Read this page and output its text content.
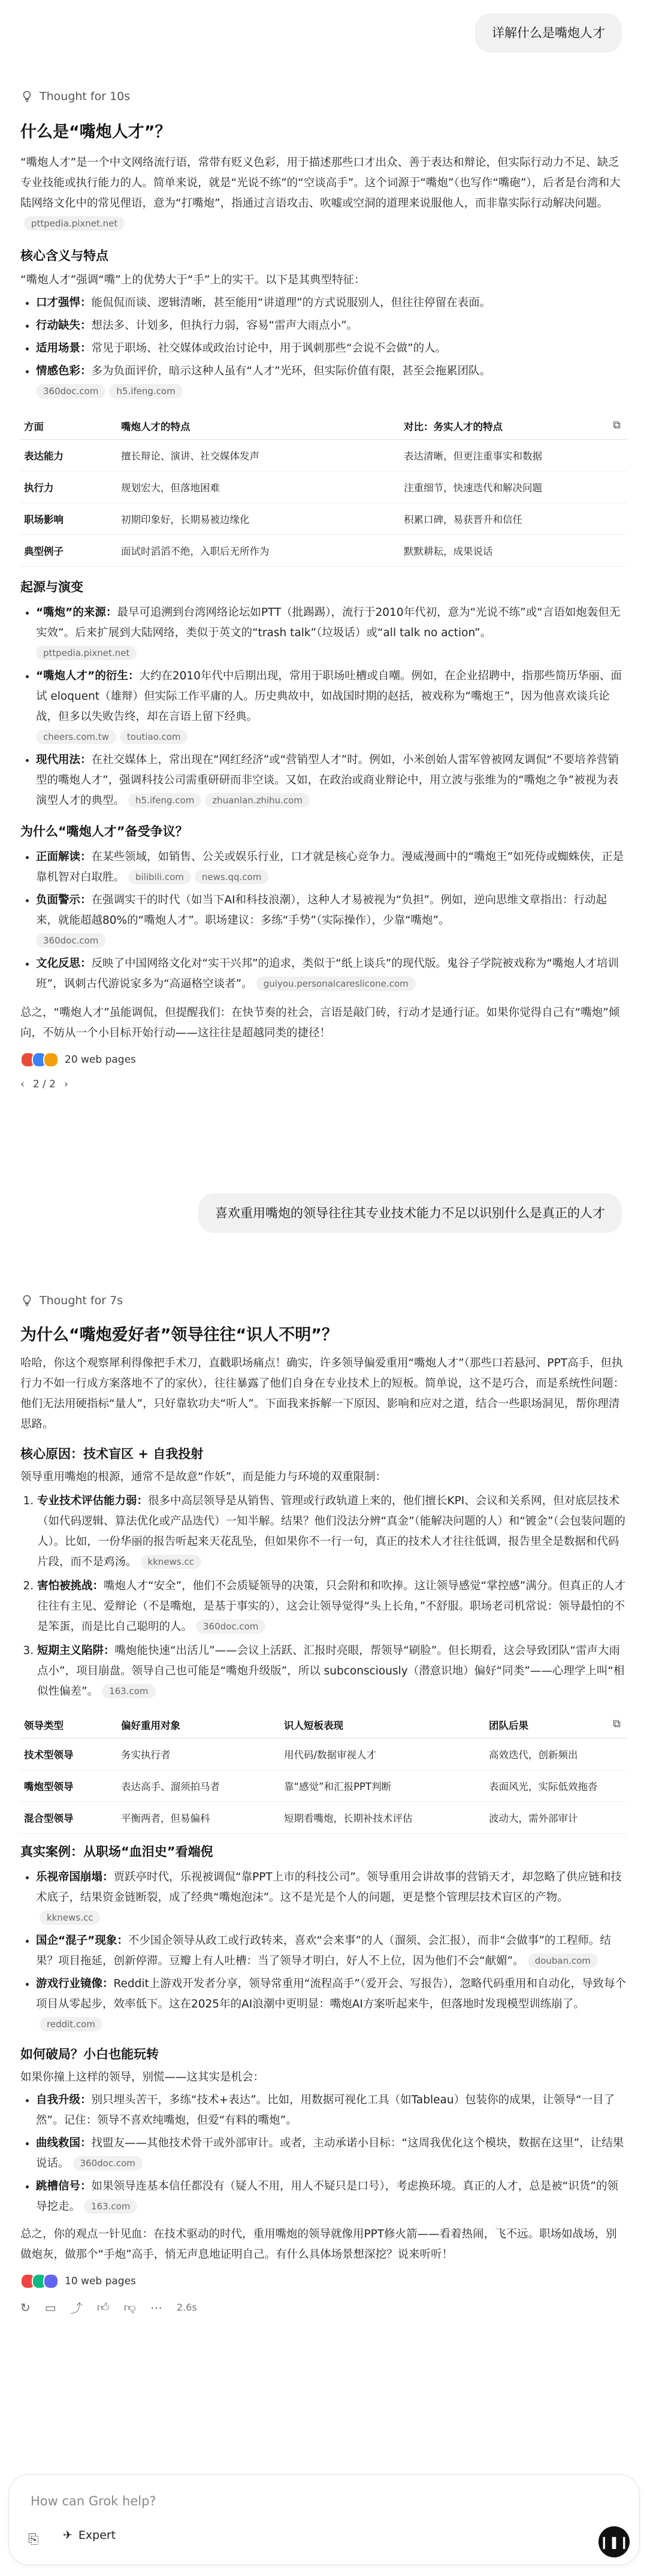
详解什么是嘴炮人才
Thought for 10s
什么是“嘴炮人才”？

“嘴炮人才”是一个中文网络流行语，常带有贬义色彩，用于描述那些口才出众、善于表达和辩论，但实际行动力不足、缺乏专业技能或执行能力的人。简单来说，就是“光说不练”的“空谈高手”。这个词源于“嘴炮”（也写作“嘴砲”），后者是台湾和大陆网络文化中的常见俚语，意为“打嘴炮”，指通过言语攻击、吹嘘或空洞的道理来说服他人，而非靠实际行动解决问题。pttpedia.pixnet.net

核心含义与特点

“嘴炮人才”强调“嘴”上的优势大于“手”上的实干。以下是其典型特征：

• 口才强悍：能侃侃而谈、逻辑清晰，甚至能用“讲道理”的方式说服别人，但往往停留在表面。
• 行动缺失：想法多、计划多，但执行力弱，容易“雷声大雨点小”。
• 适用场景：常见于职场、社交媒体或政治讨论中，用于讽刺那些“会说不会做”的人。
• 情感色彩：多为负面评价，暗示这种人虽有“人才”光环，但实际价值有限，甚至会拖累团队。
360doc.com h5.ifeng.com
⧉
方面	嘴炮人才的特点	对比：务实人才的特点
表达能力	擅长辩论、演讲、社交媒体发声	表达清晰，但更注重事实和数据
执行力	规划宏大，但落地困难	注重细节，快速迭代和解决问题
职场影响	初期印象好，长期易被边缘化	积累口碑，易获晋升和信任
典型例子	面试时滔滔不绝，入职后无所作为	默默耕耘，成果说话
起源与演变
• “嘴炮”的来源：最早可追溯到台湾网络论坛如PTT（批踢踢），流行于2010年代初，意为“光说不练”或“言语如炮轰但无实效”。后来扩展到大陆网络，类似于英文的“trash talk”（垃圾话）或“all talk no action”。
pttpedia.pixnet.net
• “嘴炮人才”的衍生：大约在2010年代中后期出现，常用于职场吐槽或自嘲。例如，在企业招聘中，指那些简历华丽、面试 eloquent（雄辩）但实际工作平庸的人。历史典故中，如战国时期的赵括，被戏称为“嘴炮王”，因为他喜欢谈兵论战，但多以失败告终，却在言语上留下经典。
cheers.com.tw toutiao.com
• 现代用法：在社交媒体上，常出现在“网红经济”或“营销型人才”时。例如，小米创始人雷军曾被网友调侃“不要培养营销型的嘴炮人才”，强调科技公司需重研研而非空谈。又如，在政治或商业辩论中，用立波与张维为的“嘴炮之争”被视为表演型人才的典型。 h5.ifeng.com zhuanlan.zhihu.com
为什么“嘴炮人才”备受争议？
• 正面解读：在某些领域，如销售、公关或娱乐行业，口才就是核心竞争力。漫威漫画中的“嘴炮王”如死侍或蜘蛛侠，正是靠机智对白取胜。 bilibili.com news.qq.com
• 负面警示：在强调实干的时代（如当下AI和科技浪潮），这种人才易被视为“负担”。例如，逆向思维文章指出：行动起来，就能超越80%的“嘴炮人才”。职场建议：多练“手势”（实际操作），少靠“嘴炮”。
360doc.com
• 文化反思：反映了中国网络文化对“实干兴邦”的追求，类似于“纸上谈兵”的现代版。鬼谷子学院被戏称为“嘴炮人才培训班”，讽刺古代游说家多为“高逼格空谈者”。 guiyou.personalcareslicone.com

总之，“嘴炮人才”虽能调侃，但提醒我们：在快节奏的社会，言语是敲门砖，行动才是通行证。如果你觉得自己有“嘴炮”倾向，不妨从一个小目标开始行动——这往往是超越同类的捷径！

20 web pages
‹ 2 / 2 ›
喜欢重用嘴炮的领导往往其专业技术能力不足以识别什么是真正的人才
Thought for 7s
为什么“嘴炮爱好者”领导往往“识人不明”？

哈哈，你这个观察犀利得像把手术刀，直戳职场痛点！确实，许多领导偏爱重用“嘴炮人才”（那些口若悬河、PPT高手，但执行力不如一行成方案落地不了的家伙），往往暴露了他们自身在专业技术上的短板。简单说，这不是巧合，而是系统性问题：他们无法用硬指标“量人”，只好靠软功夫“听人”。下面我来拆解一下原因、影响和应对之道，结合一些职场洞见，帮你理清思路。

核心原因：技术盲区 + 自我投射

领导重用嘴炮的根源，通常不是故意“作妖”，而是能力与环境的双重限制：

1. 专业技术评估能力弱：很多中高层领导是从销售、管理或行政轨道上来的，他们擅长KPI、会议和关系网，但对底层技术（如代码逻辑、算法优化或产品迭代）一知半解。结果？他们没法分辨“真金”（能解决问题的人）和“镀金”（会包装问题的人）。比如，一份华丽的报告听起来天花乱坠，但如果你不一行一句，真正的技术人才往往低调，报告里全是数据和代码片段，而不是鸡汤。 kknews.cc
2. 害怕被挑战：嘴炮人才“安全”，他们不会质疑领导的决策，只会附和和吹捧。这让领导感觉“掌控感”满分。但真正的人才往往有主见、爱辩论（不是嘴炮，是基于事实的），这会让领导觉得“头上长角，”不舒服。职场老司机常说：领导最怕的不是笨蛋，而是比自己聪明的人。 360doc.com
3. 短期主义陷阱：嘴炮能快速“出活儿”——会议上活跃、汇报时亮眼，帮领导“刷脸”。但长期看，这会导致团队“雷声大雨点小”，项目崩盘。领导自己也可能是“嘴炮升级版”，所以 subconsciously（潜意识地）偏好“同类”——心理学上叫“相似性偏差”。 163.com
⧉
领导类型	偏好重用对象	识人短板表现	团队后果
技术型领导	务实执行者	用代码/数据审视人才	高效迭代，创新频出
嘴炮型领导	表达高手、溜须拍马者	靠“感觉”和汇报PPT判断	表面风光，实际低效拖沓
混合型领导	平衡两者，但易偏科	短期看嘴炮，长期补技术评估	波动大，需外部审计
真实案例：从职场“血泪史”看端倪
• 乐视帝国崩塌：贾跃亭时代，乐视被调侃“靠PPT上市的科技公司”。领导重用会讲故事的营销天才，却忽略了供应链和技术底子，结果资金链断裂，成了经典“嘴炮泡沫”。这不是光是个人的问题，更是整个管理层技术盲区的产物。kknews.cc
• 国企“混子”现象：不少国企领导从政工或行政转来，喜欢“会来事”的人（溜须、会汇报），而非“会做事”的工程师。结果？项目拖延，创新停滞。豆瓣上有人吐槽：当了领导才明白，好人不上位，因为他们不会“献媚”。 douban.com
• 游戏行业镜像：Reddit上游戏开发者分享，领导常重用“流程高手”（爱开会、写报告），忽略代码重用和自动化，导致每个项目从零起步，效率低下。这在2025年的AI浪潮中更明显：嘴炮AI方案听起来牛，但落地时发现模型训练崩了。reddit.com
如何破局？小白也能玩转

如果你撞上这样的领导，别慌——这其实是机会：

• 自我升级：别只埋头苦干，多练“技术+表达”。比如，用数据可视化工具（如Tableau）包装你的成果，让领导“一目了然”。记住：领导不喜欢纯嘴炮，但爱“有料的嘴炮”。
• 曲线救国：找盟友——其他技术骨干或外部审计。或者，主动承诺小目标：“这周我优化这个模块，数据在这里”，让结果说话。 360doc.com
• 跳槽信号：如果领导连基本信任都没有（疑人不用，用人不疑只是口号），考虑换环境。真正的人才，总是被“识货”的领导挖走。 163.com

总之，你的观点一针见血：在技术驱动的时代，重用嘴炮的领导就像用PPT修火箭——看着热闹，飞不远。职场如战场，别做炮灰，做那个“手炮”高手，悄无声息地证明自己。有什么具体场景想深挖？说来听听！

10 web pages
↻ ▭ ⤴ 👍︎ 👎︎ ⋯ 2.6s
How can Grok help?
⎘ ✈ Expert	❙❚❙
